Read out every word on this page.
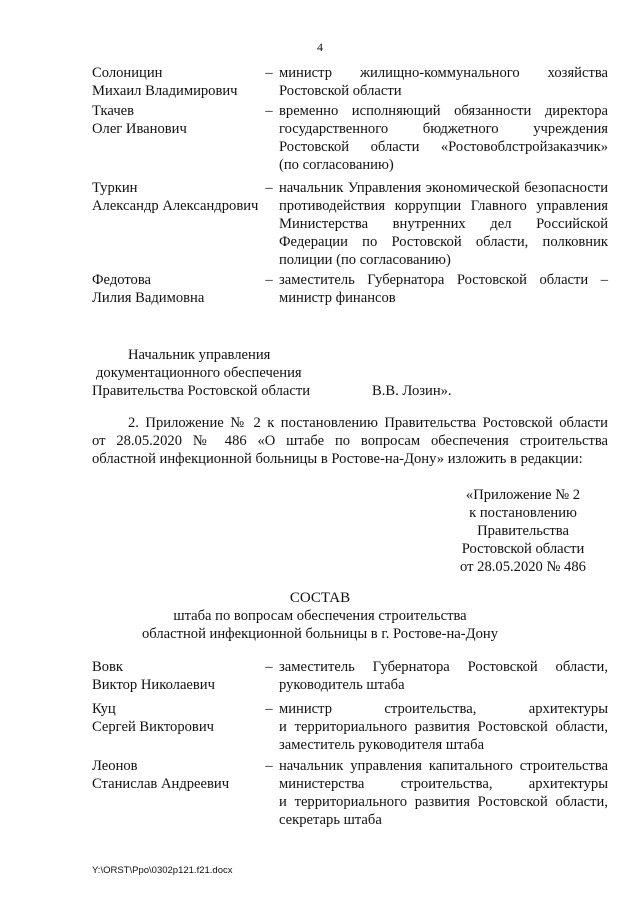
4
Солоницин
Михаил Владимирович
– министр жилищно-коммунального хозяйства
Ростовской области
Ткачев
Олег Иванович
– временно исполняющий обязанности директора
государственного бюджетного учреждения
Ростовской области «Ростовоблстройзаказчик»
(по согласованию)
Туркин
Александр Александрович
– начальник Управления экономической безопасности
противодействия коррупции Главного управления
Министерства внутренних дел Российской
Федерации по Ростовской области, полковник
полиции (по согласованию)
Федотова
Лилия Вадимовна
– заместитель Губернатора Ростовской области –
министр финансов
Начальник управления
документационного обеспечения
Правительства Ростовской области	В.В. Лозин».
2. Приложение № 2 к постановлению Правительства Ростовской области
от 28.05.2020 № 486 «О штабе по вопросам обеспечения строительства
областной инфекционной больницы в Ростове-на-Дону» изложить в редакции:
«Приложение № 2
к постановлению
Правительства
Ростовской области
от 28.05.2020 № 486
СОСТАВ
штаба по вопросам обеспечения строительства
областной инфекционной больницы в г. Ростове-на-Дону
Вовк
Виктор Николаевич
– заместитель Губернатора Ростовской области,
руководитель штаба
Куц
Сергей Викторович
– министр строительства, архитектуры
и территориального развития Ростовской области,
заместитель руководителя штаба
Леонов
Станислав Андреевич
– начальник управления капитального строительства
министерства строительства, архитектуры
и территориального развития Ростовской области,
секретарь штаба
Y:\ORST\Ppo\0302p121.f21.docx
